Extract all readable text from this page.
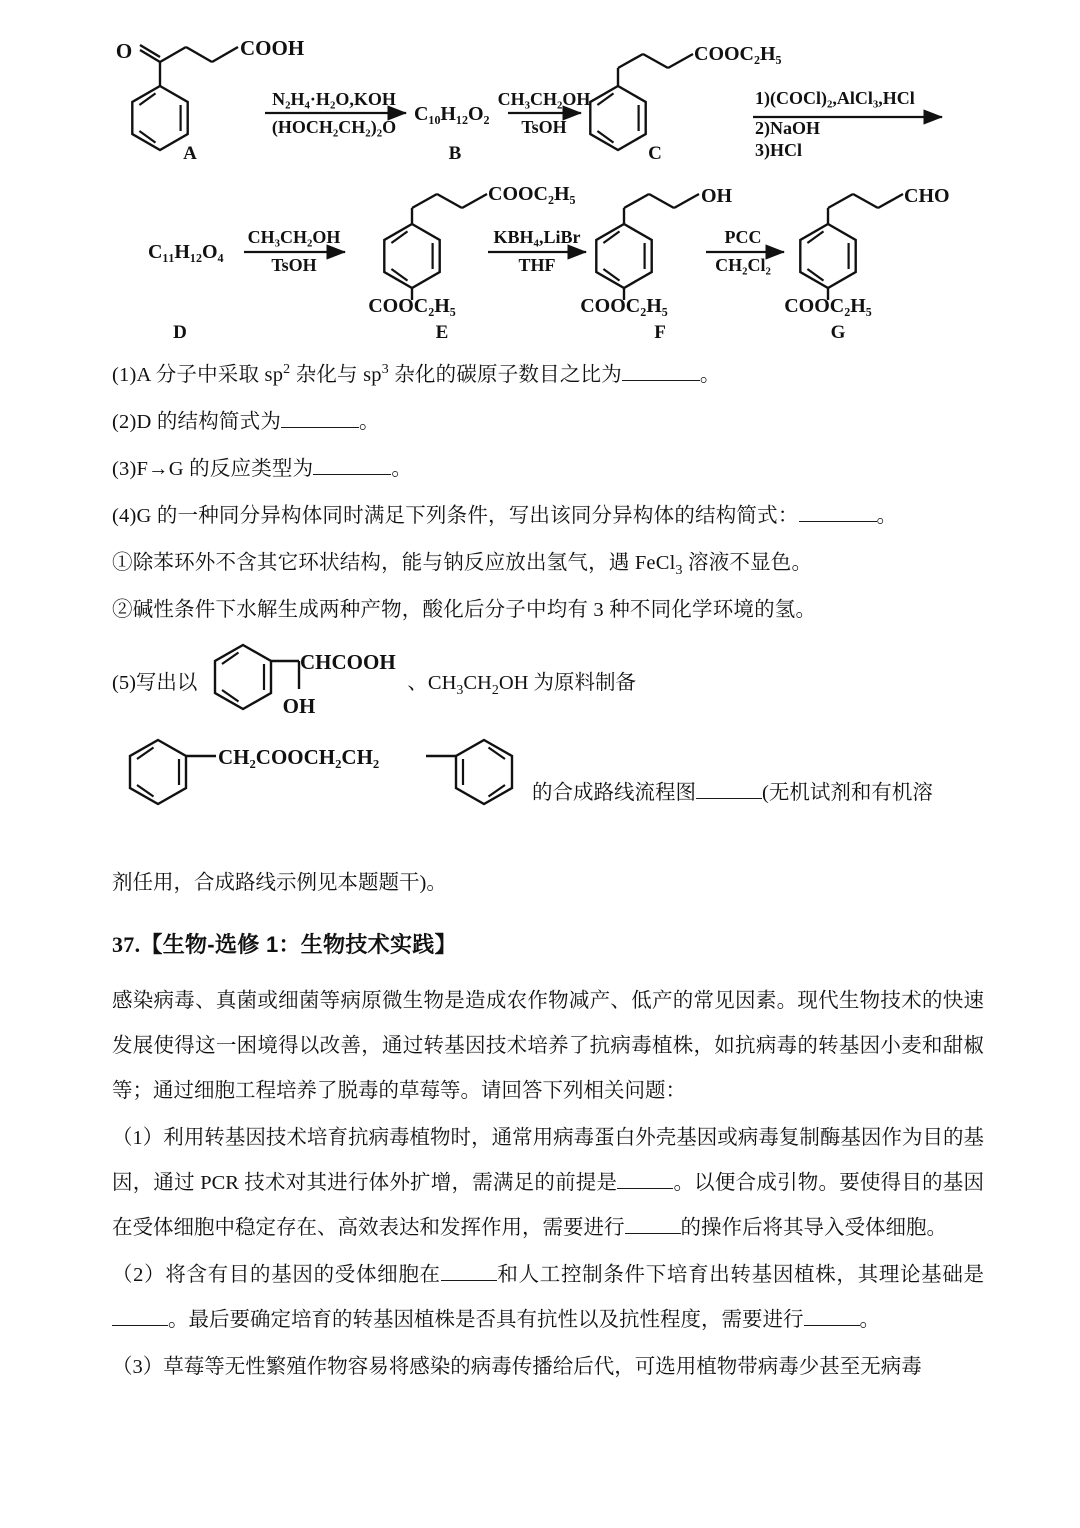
O	COOH
A
N₂H₄·H₂O,KOH
(HOCH₂CH₂)₂O
C₁₀H₁₂O₂
B
CH₃CH₂OH
TsOH
COOC₂H₅
C
1)(COCl)₂,AlCl₃,HCl
2)NaOH
3)HCl
C₁₁H₁₂O₄
D
CH₃CH₂OH
TsOH
COOC₂H₅
COOC₂H₅
E
KBH₄,LiBr
THF
OH
COOC₂H₅
F
PCC
CH₂Cl₂
CHO
COOC₂H₅
G
(1)A 分子中采取 $sp^2$ 杂化与 $sp^3$ 杂化的碳原子数目之比为	。
(2)D 的结构简式为	。
(3)F→G 的反应类型为	。
(4)G 的一种同分异构体同时满足下列条件，写出该同分异构体的结构简式：	。
①除苯环外不含其它环状结构，能与钠反应放出氢气，遇 FeCl$_3$ 溶液不显色。
②碱性条件下水解生成两种产物，酸化后分子中均有 3 种不同化学环境的氢。
(5)写出以
CHCOOH
OH
、$CH_3CH_2OH$ 为原料制备
CH₂COOCH₂CH₂
的合成路线流程图	(无机试剂和有机溶
剂任用，合成路线示例见本题题干)。
37.【生物-选修 1：生物技术实践】

感染病毒、真菌或细菌等病原微生物是造成农作物减产、低产的常见因素。现代生物技术的快速发展使得这一困境得以改善，通过转基因技术培养了抗病毒植株，如抗病毒的转基因小麦和甜椒等；通过细胞工程培养了脱毒的草莓等。请回答下列相关问题：

（1）利用转基因技术培育抗病毒植物时，通常用病毒蛋白外壳基因或病毒复制酶基因作为目的基因，通过 PCR 技术对其进行体外扩增，需满足的前提是	。以便合成引物。要使得目的基因在受体细胞中稳定存在、高效表达和发挥作用，需要进行	的操作后将其导入受体细胞。

（2）将含有目的基因的受体细胞在	和人工控制条件下培育出转基因植株，其理论基础是。最后要确定培育的转基因植株是否具有抗性以及抗性程度，需要进行	。

（3）草莓等无性繁殖作物容易将感染的病毒传播给后代，可选用植物带病毒少甚至无病毒
